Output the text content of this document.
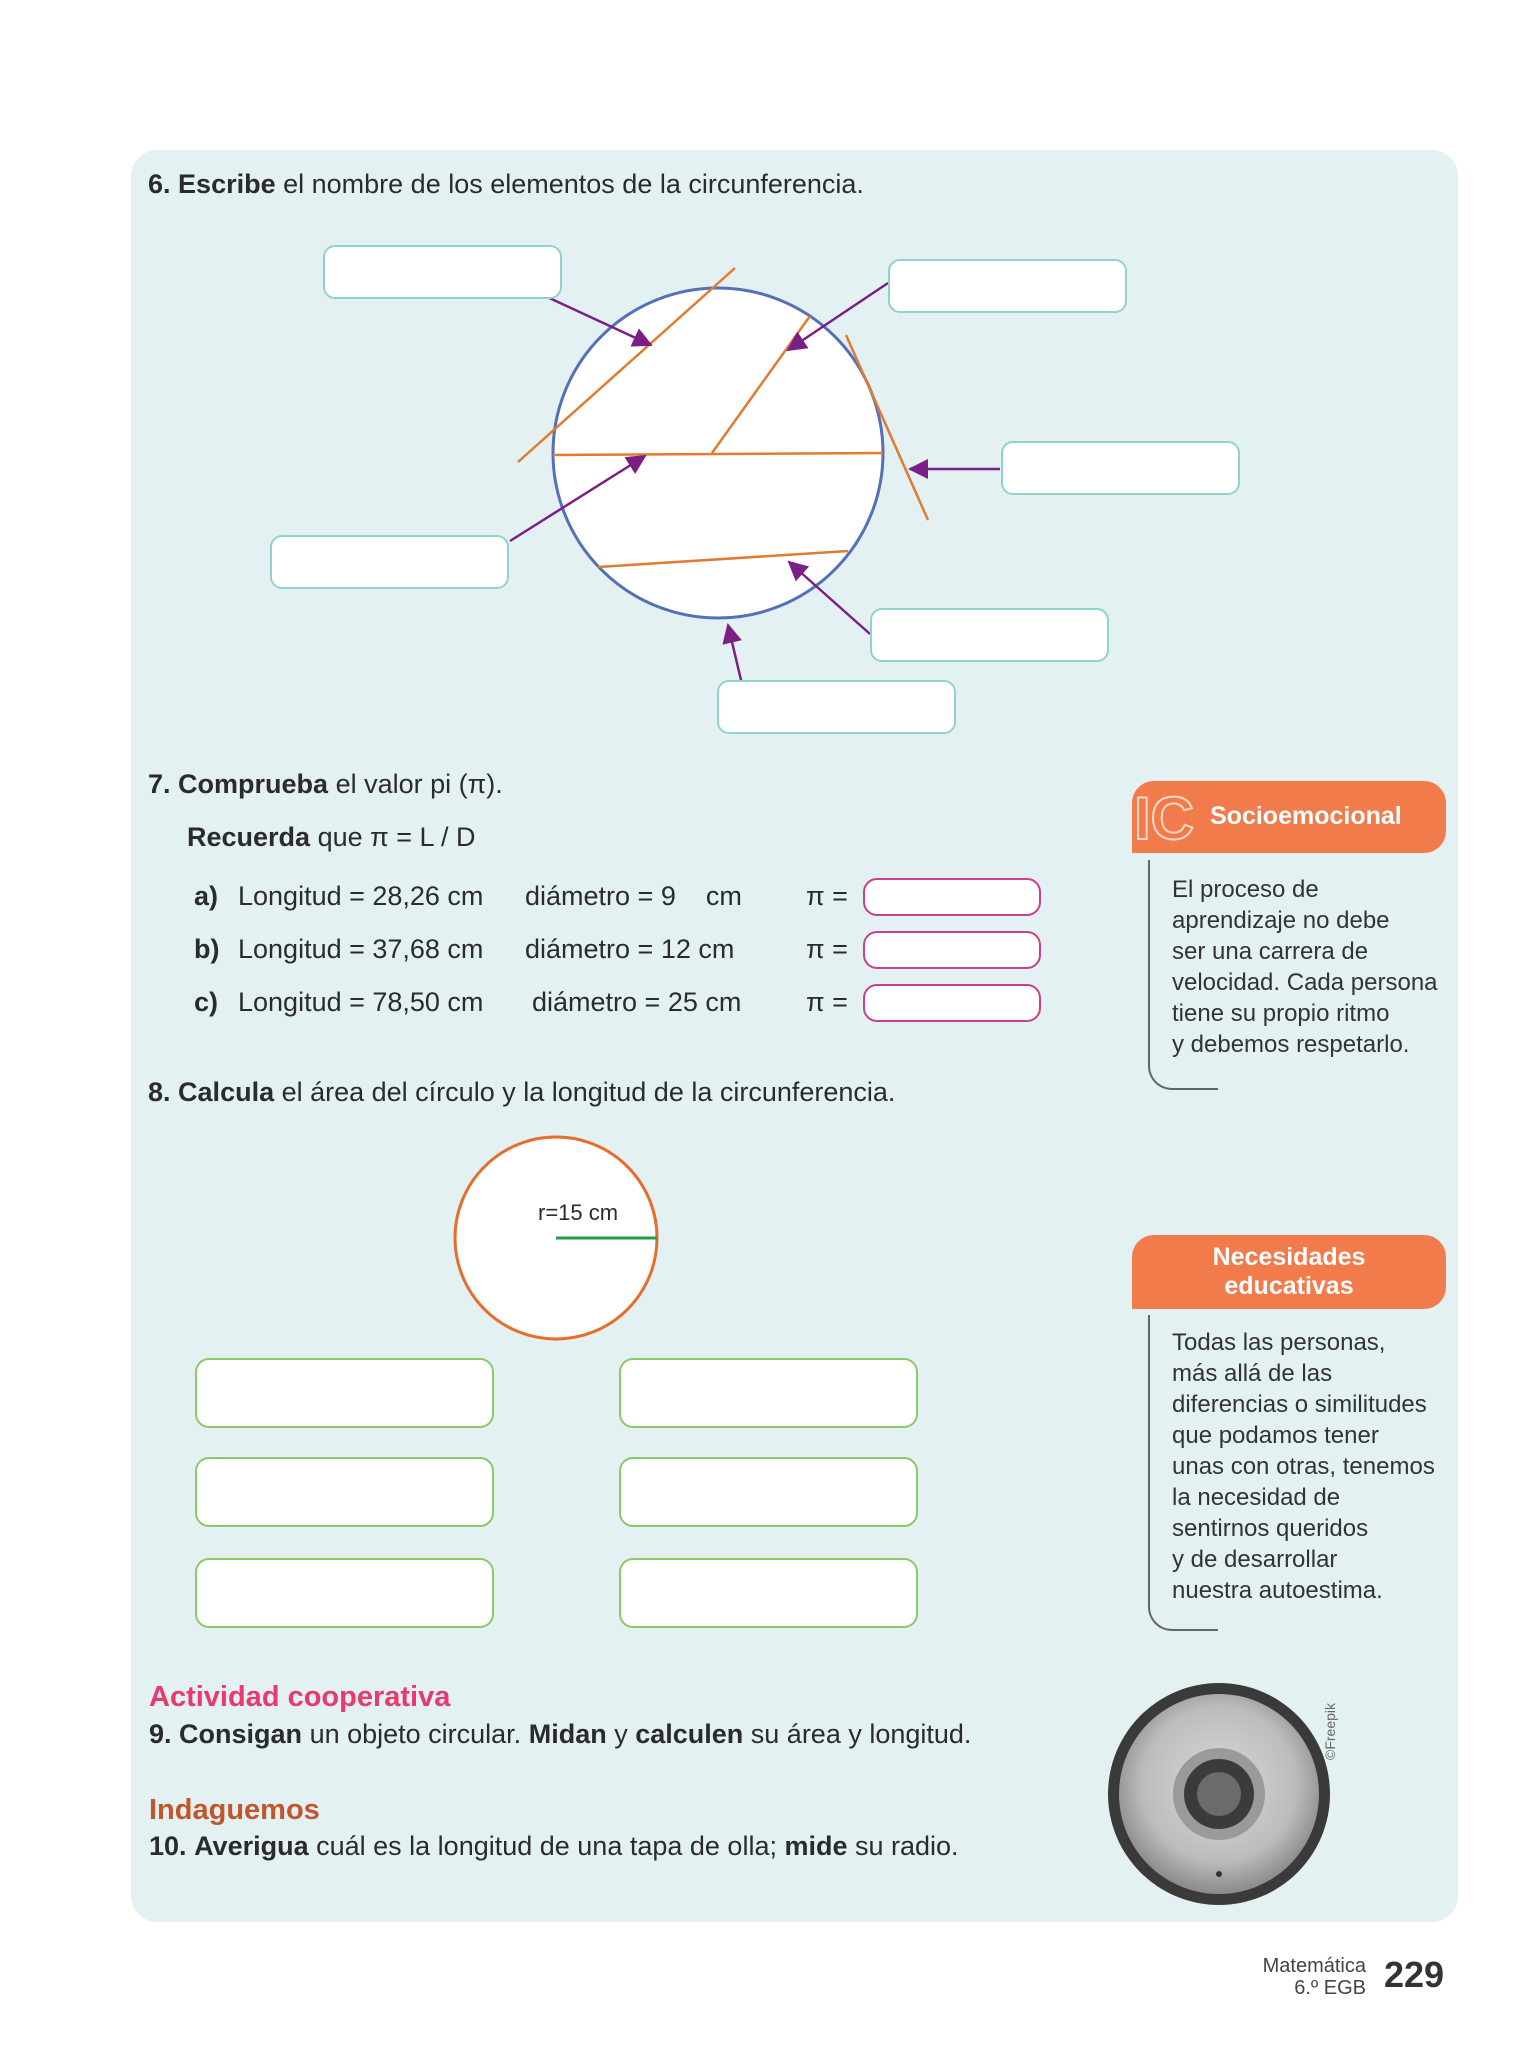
6. Escribe el nombre de los elementos de la circunferencia.
7. Comprueba el valor pi (π).
Recuerda que π = L / D
a) Longitud = 28,26 cm diámetro = 9    cm π =
b) Longitud = 37,68 cm diámetro = 12 cm	π =
c) Longitud = 78,50 cm diámetro = 25 cm π =
8. Calcula el área del círculo y la longitud de la circunferencia.
r=15 cm
Actividad cooperativa
9. Consigan un objeto circular. Midan y calculen su área y longitud.
Indaguemos
10. Averigua cuál es la longitud de una tapa de olla; mide su radio.
©Freepik
IC Socioemocional
El proceso de
aprendizaje no debe
ser una carrera de
velocidad. Cada persona
tiene su propio ritmo
y debemos respetarlo.
Necesidades
educativas
Todas las personas,
más allá de las
diferencias o similitudes
que podamos tener
unas con otras, tenemos
la necesidad de
sentirnos queridos
y de desarrollar
nuestra autoestima.
Matemática
6.º EGB 229
